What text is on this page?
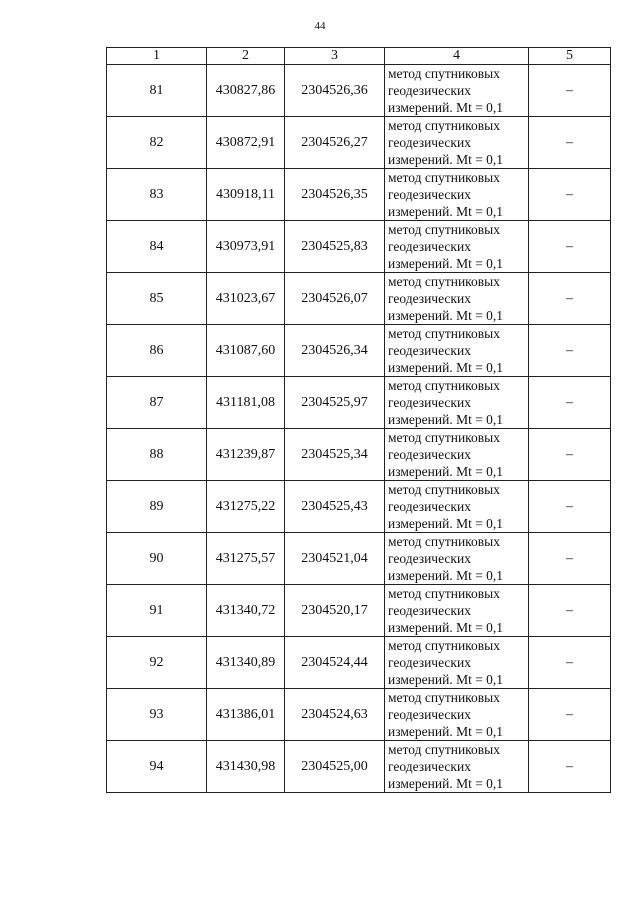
44
1	2	3	4	5
81	430827,86	2304526,36	метод спутниковых
геодезических
измерений. Mt = 0,1	–
82	430872,91	2304526,27	метод спутниковых
геодезических
измерений. Mt = 0,1	–
83	430918,11	2304526,35	метод спутниковых
геодезических
измерений. Mt = 0,1	–
84	430973,91	2304525,83	метод спутниковых
геодезических
измерений. Mt = 0,1	–
85	431023,67	2304526,07	метод спутниковых
геодезических
измерений. Mt = 0,1	–
86	431087,60	2304526,34	метод спутниковых
геодезических
измерений. Mt = 0,1	–
87	431181,08	2304525,97	метод спутниковых
геодезических
измерений. Mt = 0,1	–
88	431239,87	2304525,34	метод спутниковых
геодезических
измерений. Mt = 0,1	–
89	431275,22	2304525,43	метод спутниковых
геодезических
измерений. Mt = 0,1	–
90	431275,57	2304521,04	метод спутниковых
геодезических
измерений. Mt = 0,1	–
91	431340,72	2304520,17	метод спутниковых
геодезических
измерений. Mt = 0,1	–
92	431340,89	2304524,44	метод спутниковых
геодезических
измерений. Mt = 0,1	–
93	431386,01	2304524,63	метод спутниковых
геодезических
измерений. Mt = 0,1	–
94	431430,98	2304525,00	метод спутниковых
геодезических
измерений. Mt = 0,1	–
